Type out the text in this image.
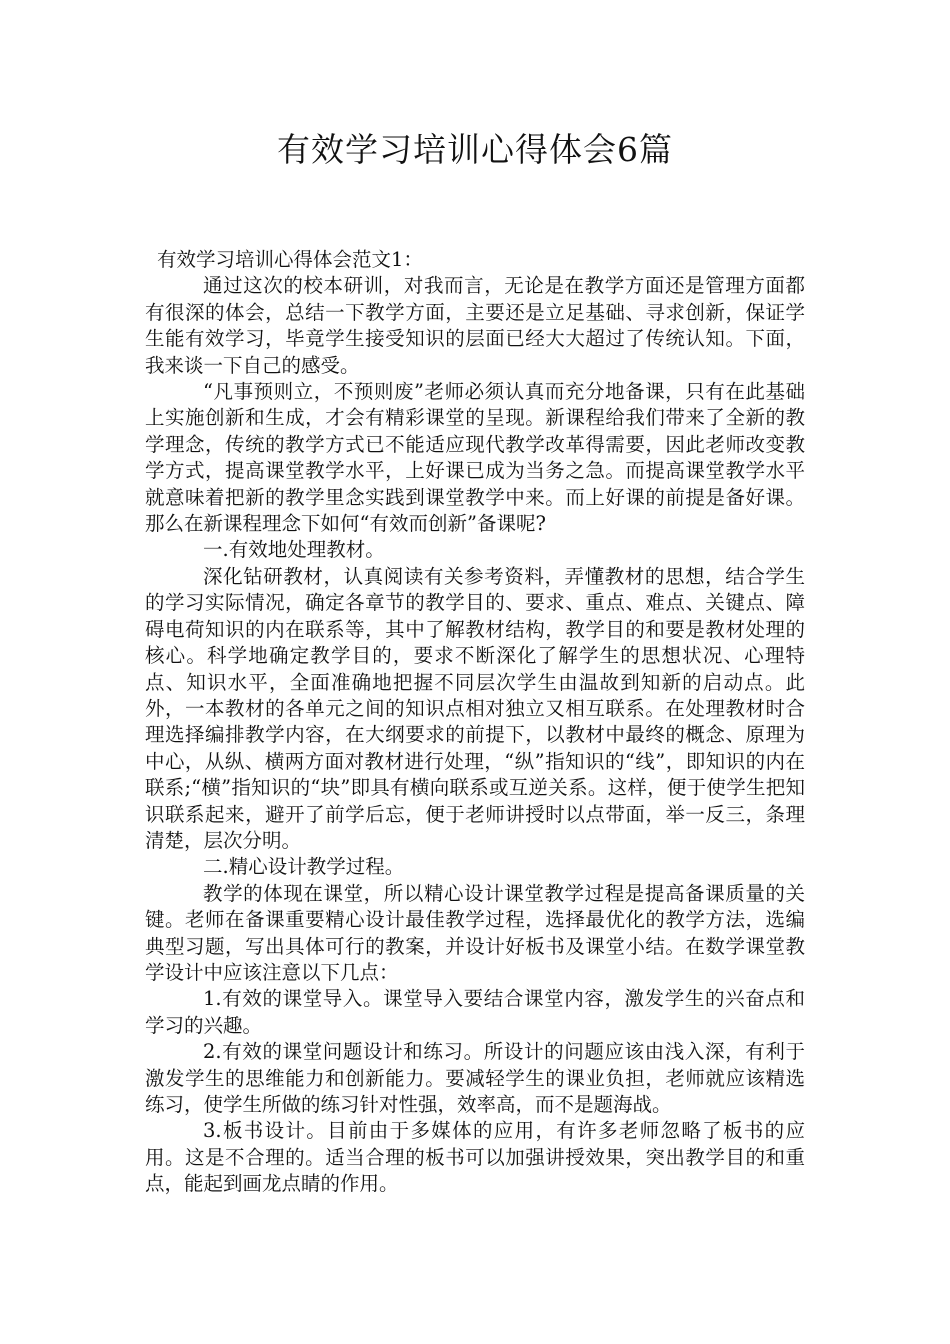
有效学习培训心得体会6篇

有效学习培训心得体会范文1：

通过这次的校本研训，对我而言，无论是在教学方面还是管理方面都有很深的体会，总结一下教学方面，主要还是立足基础、寻求创新，保证学生能有效学习，毕竟学生接受知识的层面已经大大超过了传统认知。下面，我来谈一下自己的感受。

“凡事预则立，不预则废”老师必须认真而充分地备课，只有在此基础上实施创新和生成，才会有精彩课堂的呈现。新课程给我们带来了全新的教学理念，传统的教学方式已不能适应现代教学改革得需要，因此老师改变教学方式，提高课堂教学水平，上好课已成为当务之急。而提高课堂教学水平就意味着把新的教学里念实践到课堂教学中来。而上好课的前提是备好课。那么在新课程理念下如何“有效而创新”备课呢?

一.有效地处理教材。

深化钻研教材，认真阅读有关参考资料，弄懂教材的思想，结合学生的学习实际情况，确定各章节的教学目的、要求、重点、难点、关键点、障碍电荷知识的内在联系等，其中了解教材结构，教学目的和要是教材处理的核心。科学地确定教学目的，要求不断深化了解学生的思想状况、心理特点、知识水平，全面准确地把握不同层次学生由温故到知新的启动点。此外，一本教材的各单元之间的知识点相对独立又相互联系。在处理教材时合理选择编排教学内容，在大纲要求的前提下，以教材中最终的概念、原理为中心，从纵、横两方面对教材进行处理，“纵”指知识的“线”，即知识的内在联系;“横”指知识的“块”即具有横向联系或互逆关系。这样，便于使学生把知识联系起来，避开了前学后忘，便于老师讲授时以点带面，举一反三，条理清楚，层次分明。

二.精心设计教学过程。

教学的体现在课堂，所以精心设计课堂教学过程是提高备课质量的关键。老师在备课重要精心设计最佳教学过程，选择最优化的教学方法，选编典型习题，写出具体可行的教案，并设计好板书及课堂小结。在数学课堂教学设计中应该注意以下几点：

1.有效的课堂导入。课堂导入要结合课堂内容，激发学生的兴奋点和学习的兴趣。

2.有效的课堂问题设计和练习。所设计的问题应该由浅入深，有利于激发学生的思维能力和创新能力。要减轻学生的课业负担，老师就应该精选练习，使学生所做的练习针对性强，效率高，而不是题海战。

3.板书设计。目前由于多媒体的应用，有许多老师忽略了板书的应用。这是不合理的。适当合理的板书可以加强讲授效果，突出教学目的和重点，能起到画龙点睛的作用。
